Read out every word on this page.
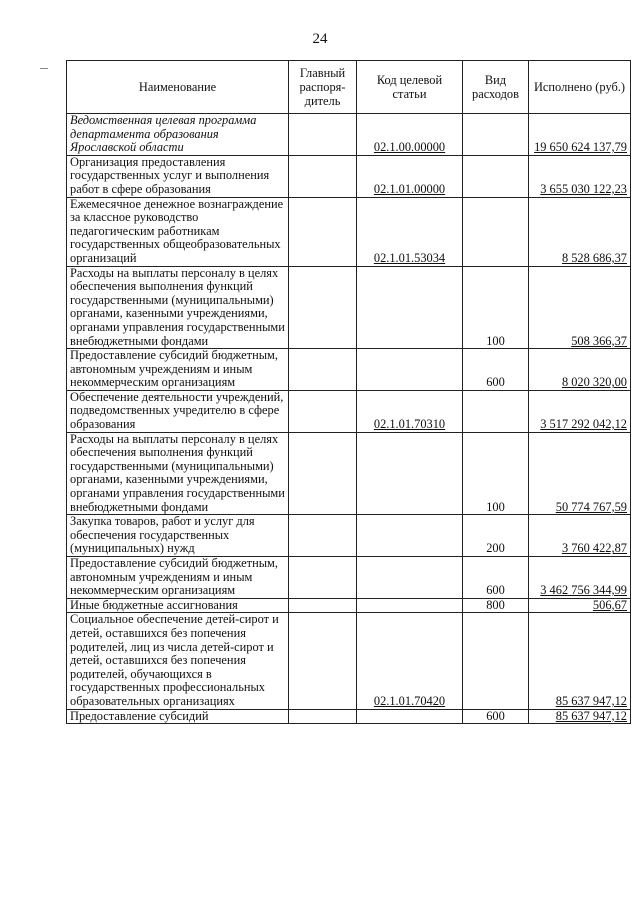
24
Наименование	Главный распоря-дитель	Код целевой статьи	Вид расходов	Исполнено (руб.)
Ведомственная целевая программа департамента образования Ярославской области		02.1.00.00000		19 650 624 137,79
Организация предоставления государственных услуг и выполнения работ в сфере образования		02.1.01.00000		3 655 030 122,23
Ежемесячное денежное вознаграждение за классное руководство педагогическим работникам государственных общеобразовательных организаций		02.1.01.53034		8 528 686,37
Расходы на выплаты персоналу в целях обеспечения выполнения функций государственными (муниципальными) органами, казенными учреждениями, органами управления государственными внебюджетными фондами			100	508 366,37
Предоставление субсидий бюджетным, автономным учреждениям и иным некоммерческим организациям			600	8 020 320,00
Обеспечение деятельности учреждений, подведомственных учредителю в сфере образования		02.1.01.70310		3 517 292 042,12
Расходы на выплаты персоналу в целях обеспечения выполнения функций государственными (муниципальными) органами, казенными учреждениями, органами управления государственными внебюджетными фондами			100	50 774 767,59
Закупка товаров, работ и услуг для обеспечения государственных (муниципальных) нужд			200	3 760 422,87
Предоставление субсидий бюджетным, автономным учреждениям и иным некоммерческим организациям			600	3 462 756 344,99
Иные бюджетные ассигнования			800	506,67
Социальное обеспечение детей-сирот и детей, оставшихся без попечения родителей, лиц из числа детей-сирот и детей, оставшихся без попечения родителей, обучающихся в государственных профессиональных образовательных организациях		02.1.01.70420		85 637 947,12
Предоставление субсидий			600	85 637 947,12
